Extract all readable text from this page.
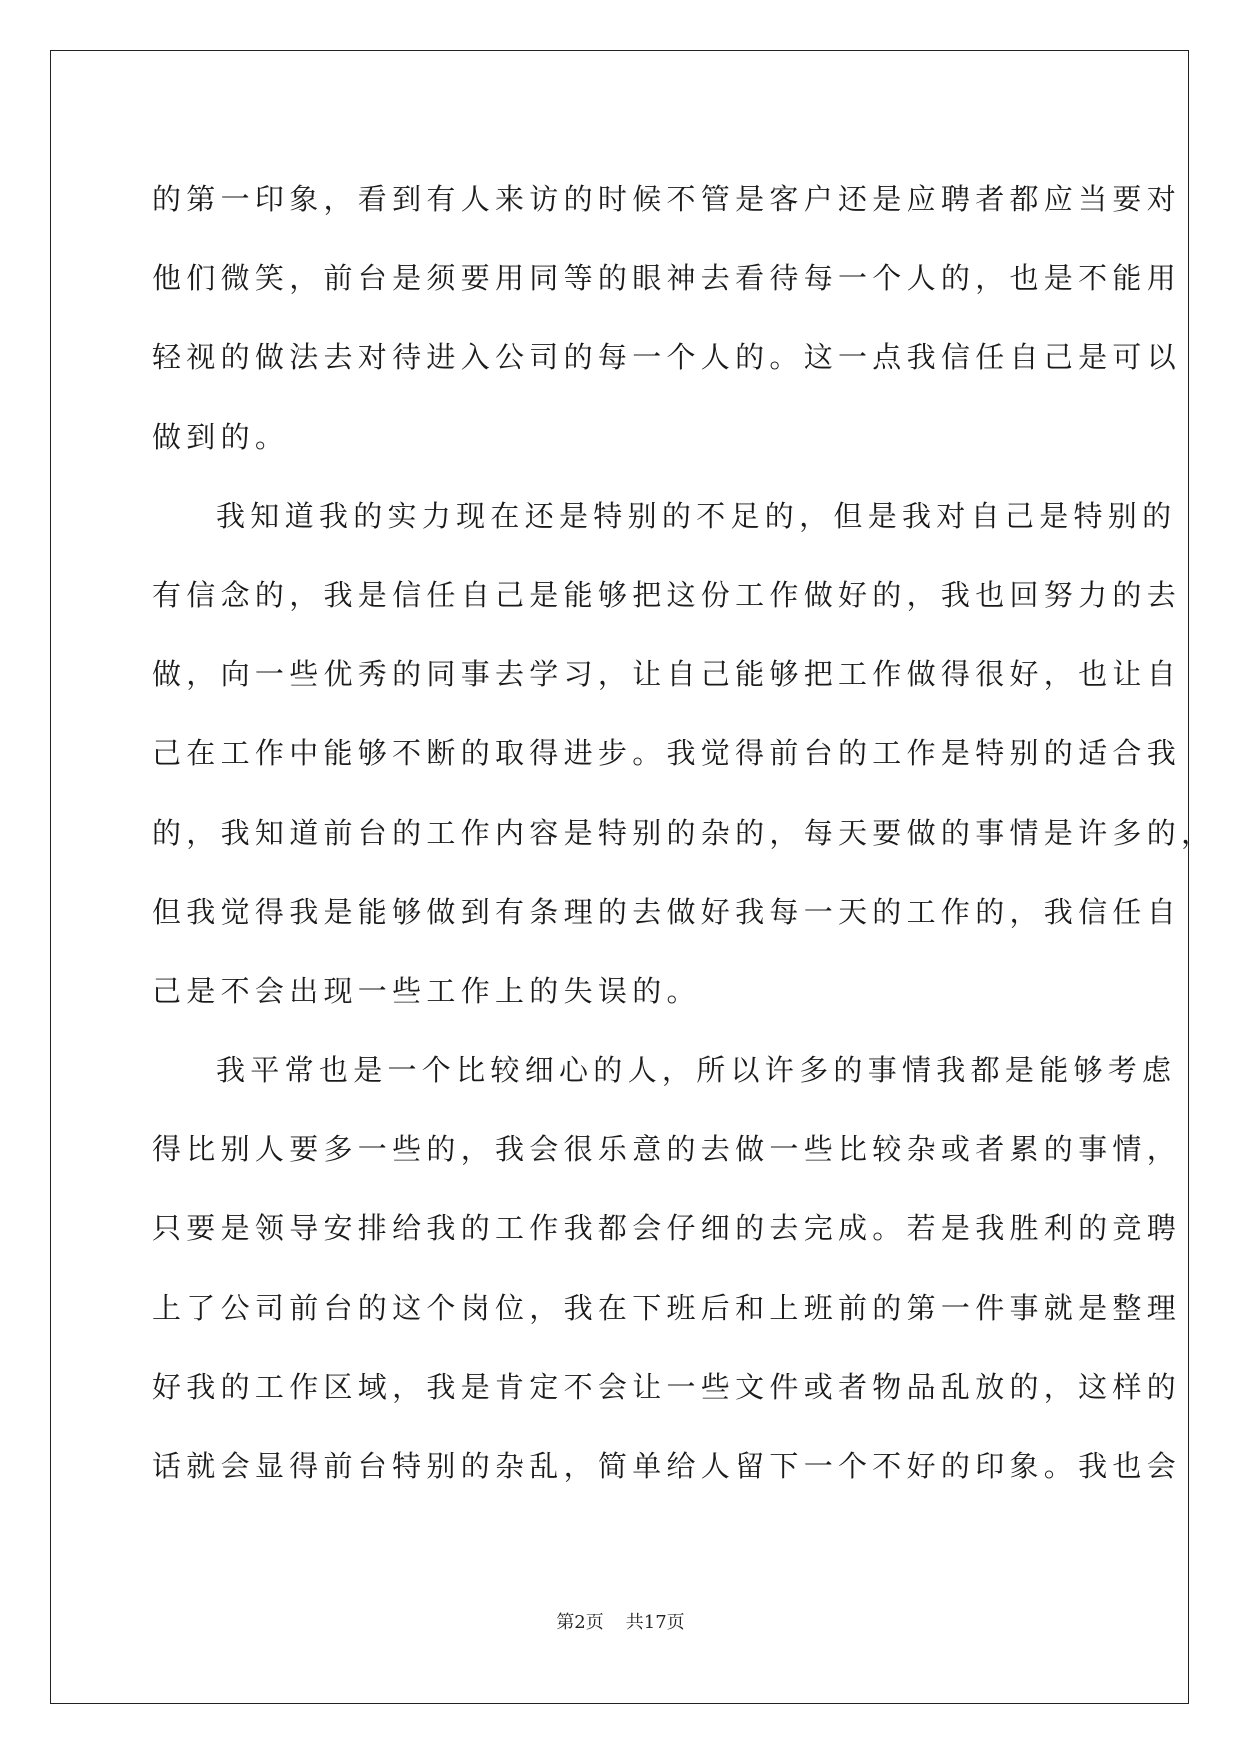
的第一印象，看到有人来访的时候不管是客户还是应聘者都应当要对
他们微笑，前台是须要用同等的眼神去看待每一个人的，也是不能用
轻视的做法去对待进入公司的每一个人的。这一点我信任自己是可以
做到的。
我知道我的实力现在还是特别的不足的，但是我对自己是特别的
有信念的，我是信任自己是能够把这份工作做好的，我也回努力的去
做，向一些优秀的同事去学习，让自己能够把工作做得很好，也让自
己在工作中能够不断的取得进步。我觉得前台的工作是特别的适合我
的，我知道前台的工作内容是特别的杂的，每天要做的事情是许多的，
但我觉得我是能够做到有条理的去做好我每一天的工作的，我信任自
己是不会出现一些工作上的失误的。
我平常也是一个比较细心的人，所以许多的事情我都是能够考虑
得比别人要多一些的，我会很乐意的去做一些比较杂或者累的事情，
只要是领导安排给我的工作我都会仔细的去完成。若是我胜利的竞聘
上了公司前台的这个岗位，我在下班后和上班前的第一件事就是整理
好我的工作区域，我是肯定不会让一些文件或者物品乱放的，这样的
话就会显得前台特别的杂乱，简单给人留下一个不好的印象。我也会
第2页 共17页
